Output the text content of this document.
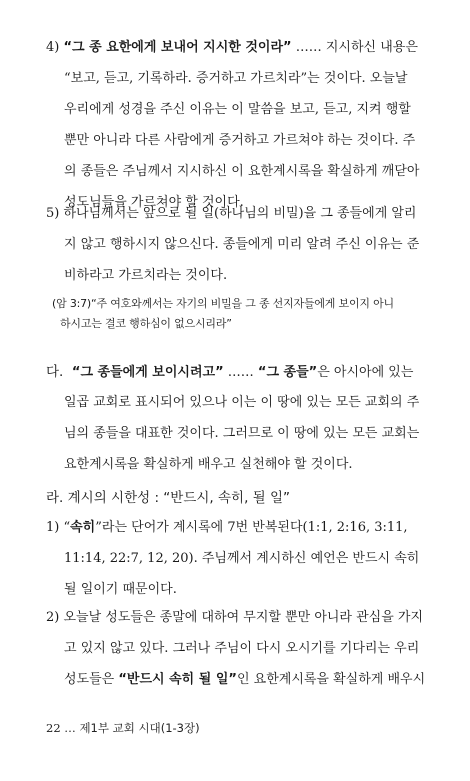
4) “그 종 요한에게 보내어 지시한 것이라” …… 지시하신 내용은
“보고, 듣고, 기록하라. 증거하고 가르치라”는 것이다. 오늘날
우리에게 성경을 주신 이유는 이 말씀을 보고, 듣고, 지켜 행할
뿐만 아니라 다른 사람에게 증거하고 가르쳐야 하는 것이다. 주
의 종들은 주님께서 지시하신 이 요한계시록을 확실하게 깨닫아
성도님들을 가르쳐야 할 것이다.
5) 하나님께서는 앞으로 될 일(하나님의 비밀)을 그 종들에게 알리
지 않고 행하시지 않으신다. 종들에게 미리 알려 주신 이유는 준
비하라고 가르치라는 것이다.
(암 3:7)“주 여호와께서는 자기의 비밀을 그 종 선지자들에게 보이지 아니
하시고는 결코 행하심이 없으시리라”
다.  “그 종들에게 보이시려고” …… “그 종들”은 아시아에 있는
일곱 교회로 표시되어 있으나 이는 이 땅에 있는 모든 교회의 주
님의 종들을 대표한 것이다. 그러므로 이 땅에 있는 모든 교회는
요한계시록을 확실하게 배우고 실천해야 할 것이다.
라. 계시의 시한성 : “반드시, 속히, 될 일”
1) “속히”라는 단어가 계시록에 7번 반복된다(1:1, 2:16, 3:11,
11:14, 22:7, 12, 20). 주님께서 계시하신 예언은 반드시 속히
될 일이기 때문이다.
2) 오늘날 성도들은 종말에 대하여 무지할 뿐만 아니라 관심을 가지
고 있지 않고 있다. 그러나 주님이 다시 오시기를 기다리는 우리
성도들은 “반드시 속히 될 일”인 요한계시록을 확실하게 배우시
22 … 제1부 교회 시대(1-3장)
